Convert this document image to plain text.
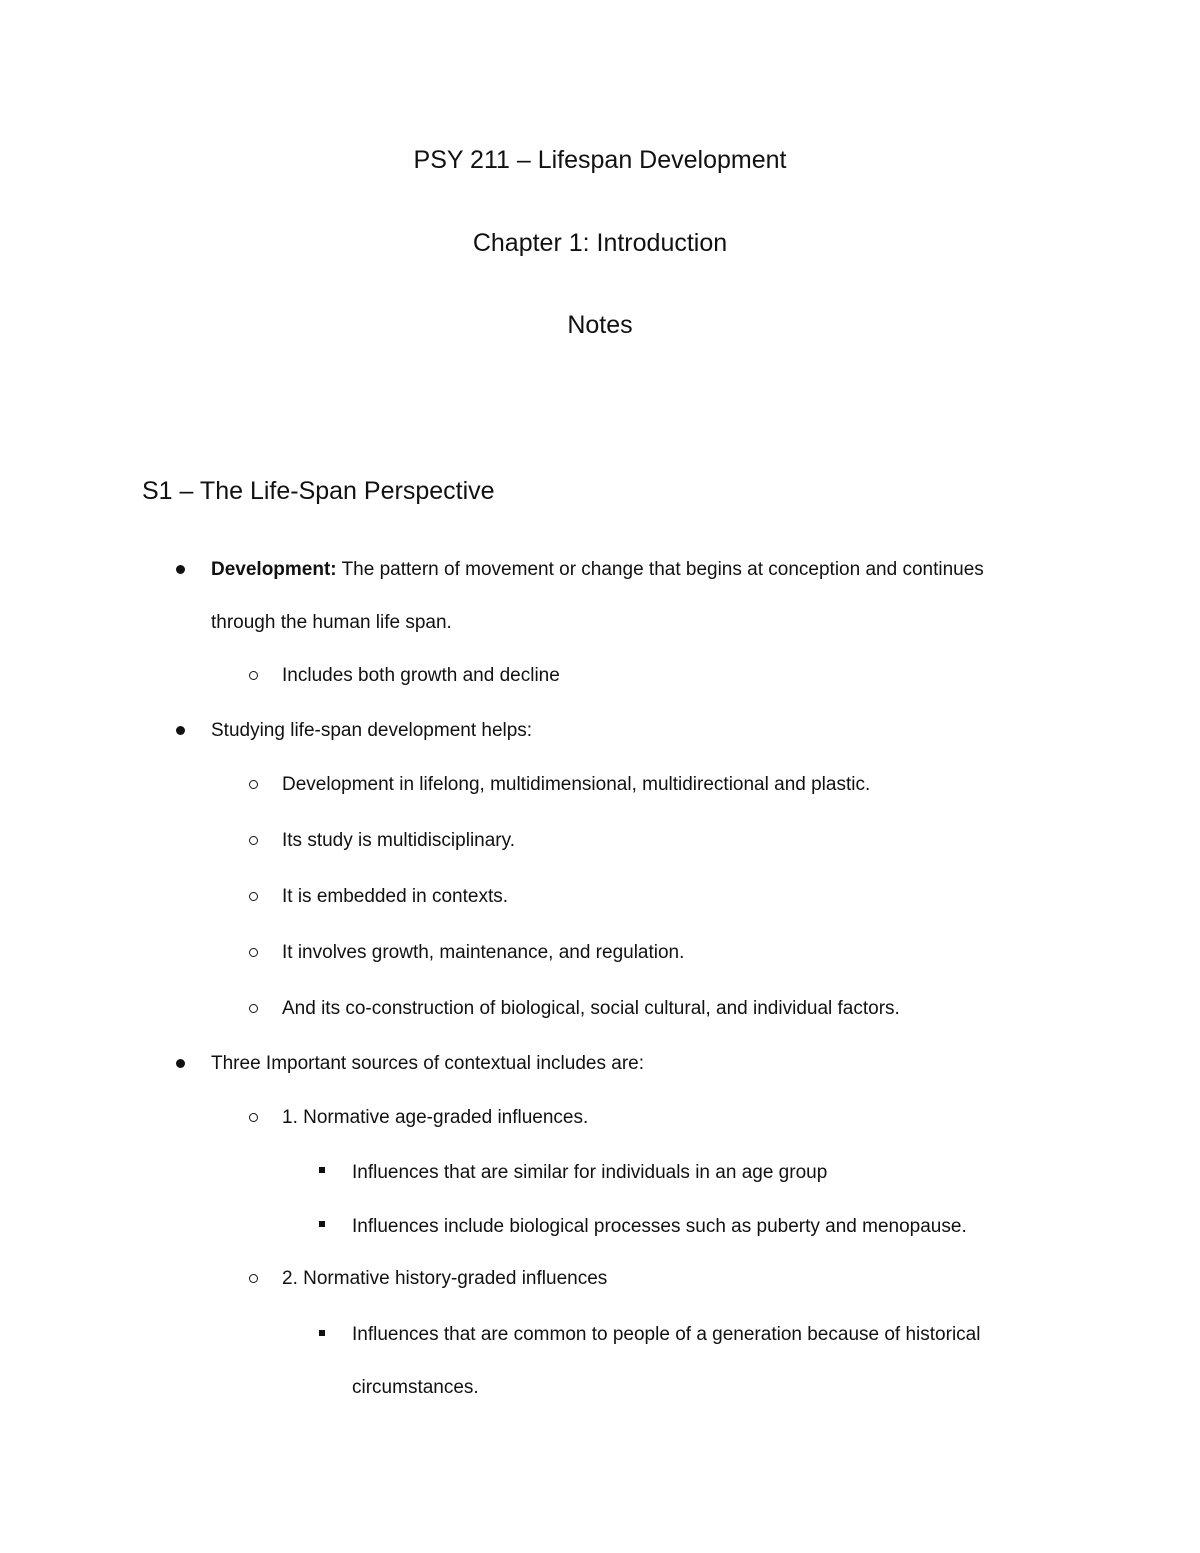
PSY 211 – Lifespan Development
Chapter 1: Introduction
Notes
S1 – The Life-Span Perspective
Development: The pattern of movement or change that begins at conception and continues
through the human life span.
Includes both growth and decline
Studying life-span development helps:
Development in lifelong, multidimensional, multidirectional and plastic.
Its study is multidisciplinary.
It is embedded in contexts.
It involves growth, maintenance, and regulation.
And its co-construction of biological, social cultural, and individual factors.
Three Important sources of contextual includes are:
1. Normative age-graded influences.
Influences that are similar for individuals in an age group
Influences include biological processes such as puberty and menopause.
2. Normative history-graded influences
Influences that are common to people of a generation because of historical
circumstances.
